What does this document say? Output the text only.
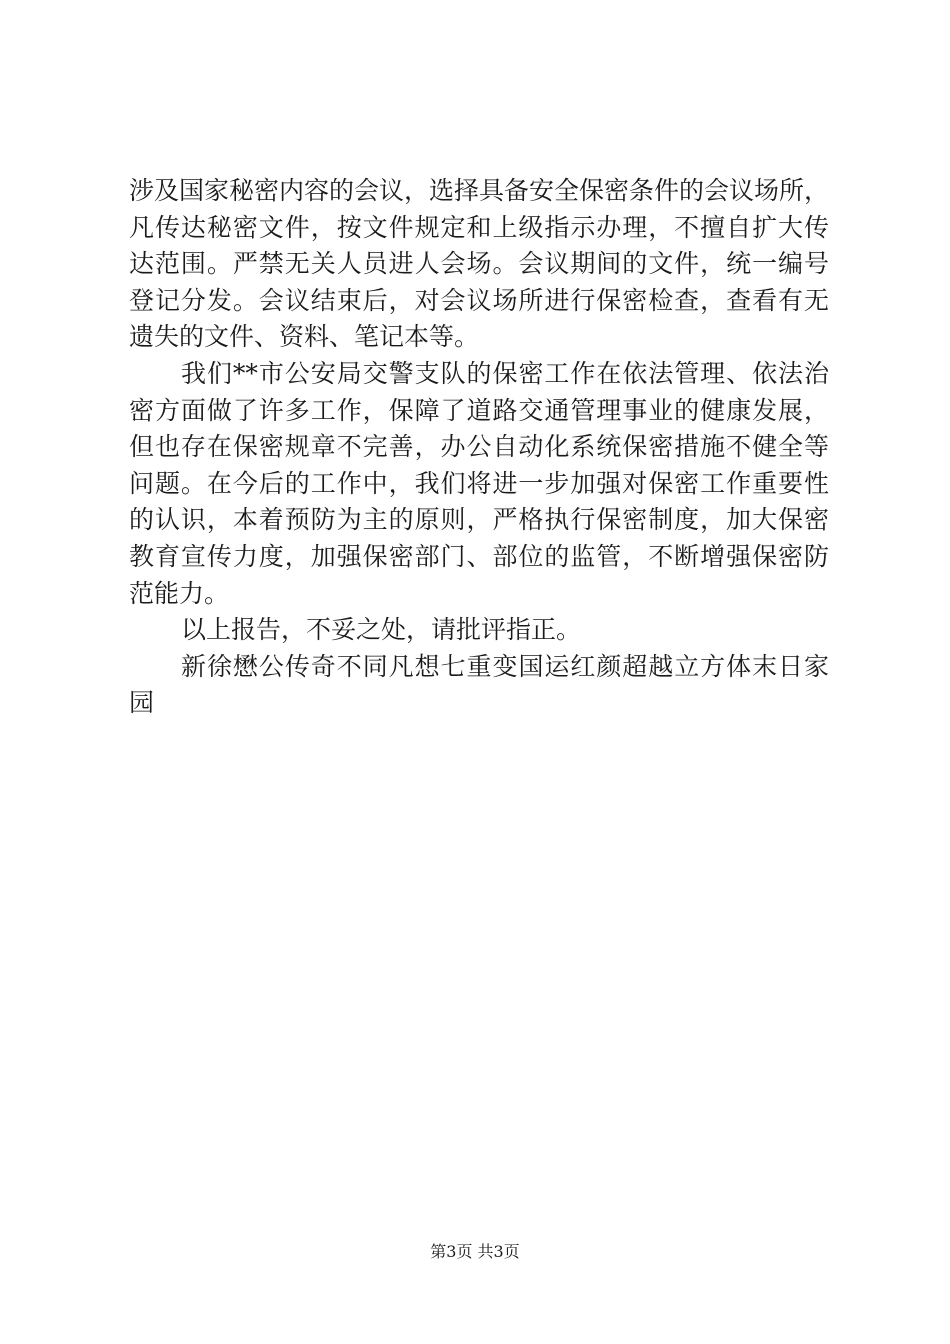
涉及国家秘密内容的会议，选择具备安全保密条件的会议场所，
凡传达秘密文件，按文件规定和上级指示办理，不擅自扩大传
达范围。严禁无关人员进人会场。会议期间的文件，统一编号
登记分发。会议结束后，对会议场所进行保密检查，查看有无
遗失的文件、资料、笔记本等。
我们**市公安局交警支队的保密工作在依法管理、依法治
密方面做了许多工作，保障了道路交通管理事业的健康发展，
但也存在保密规章不完善，办公自动化系统保密措施不健全等
问题。在今后的工作中，我们将进一步加强对保密工作重要性
的认识，本着预防为主的原则，严格执行保密制度，加大保密
教育宣传力度，加强保密部门、部位的监管，不断增强保密防
范能力。
以上报告，不妥之处，请批评指正。
新徐懋公传奇不同凡想七重变国运红颜超越立方体末日家
园
第3页 共3页
